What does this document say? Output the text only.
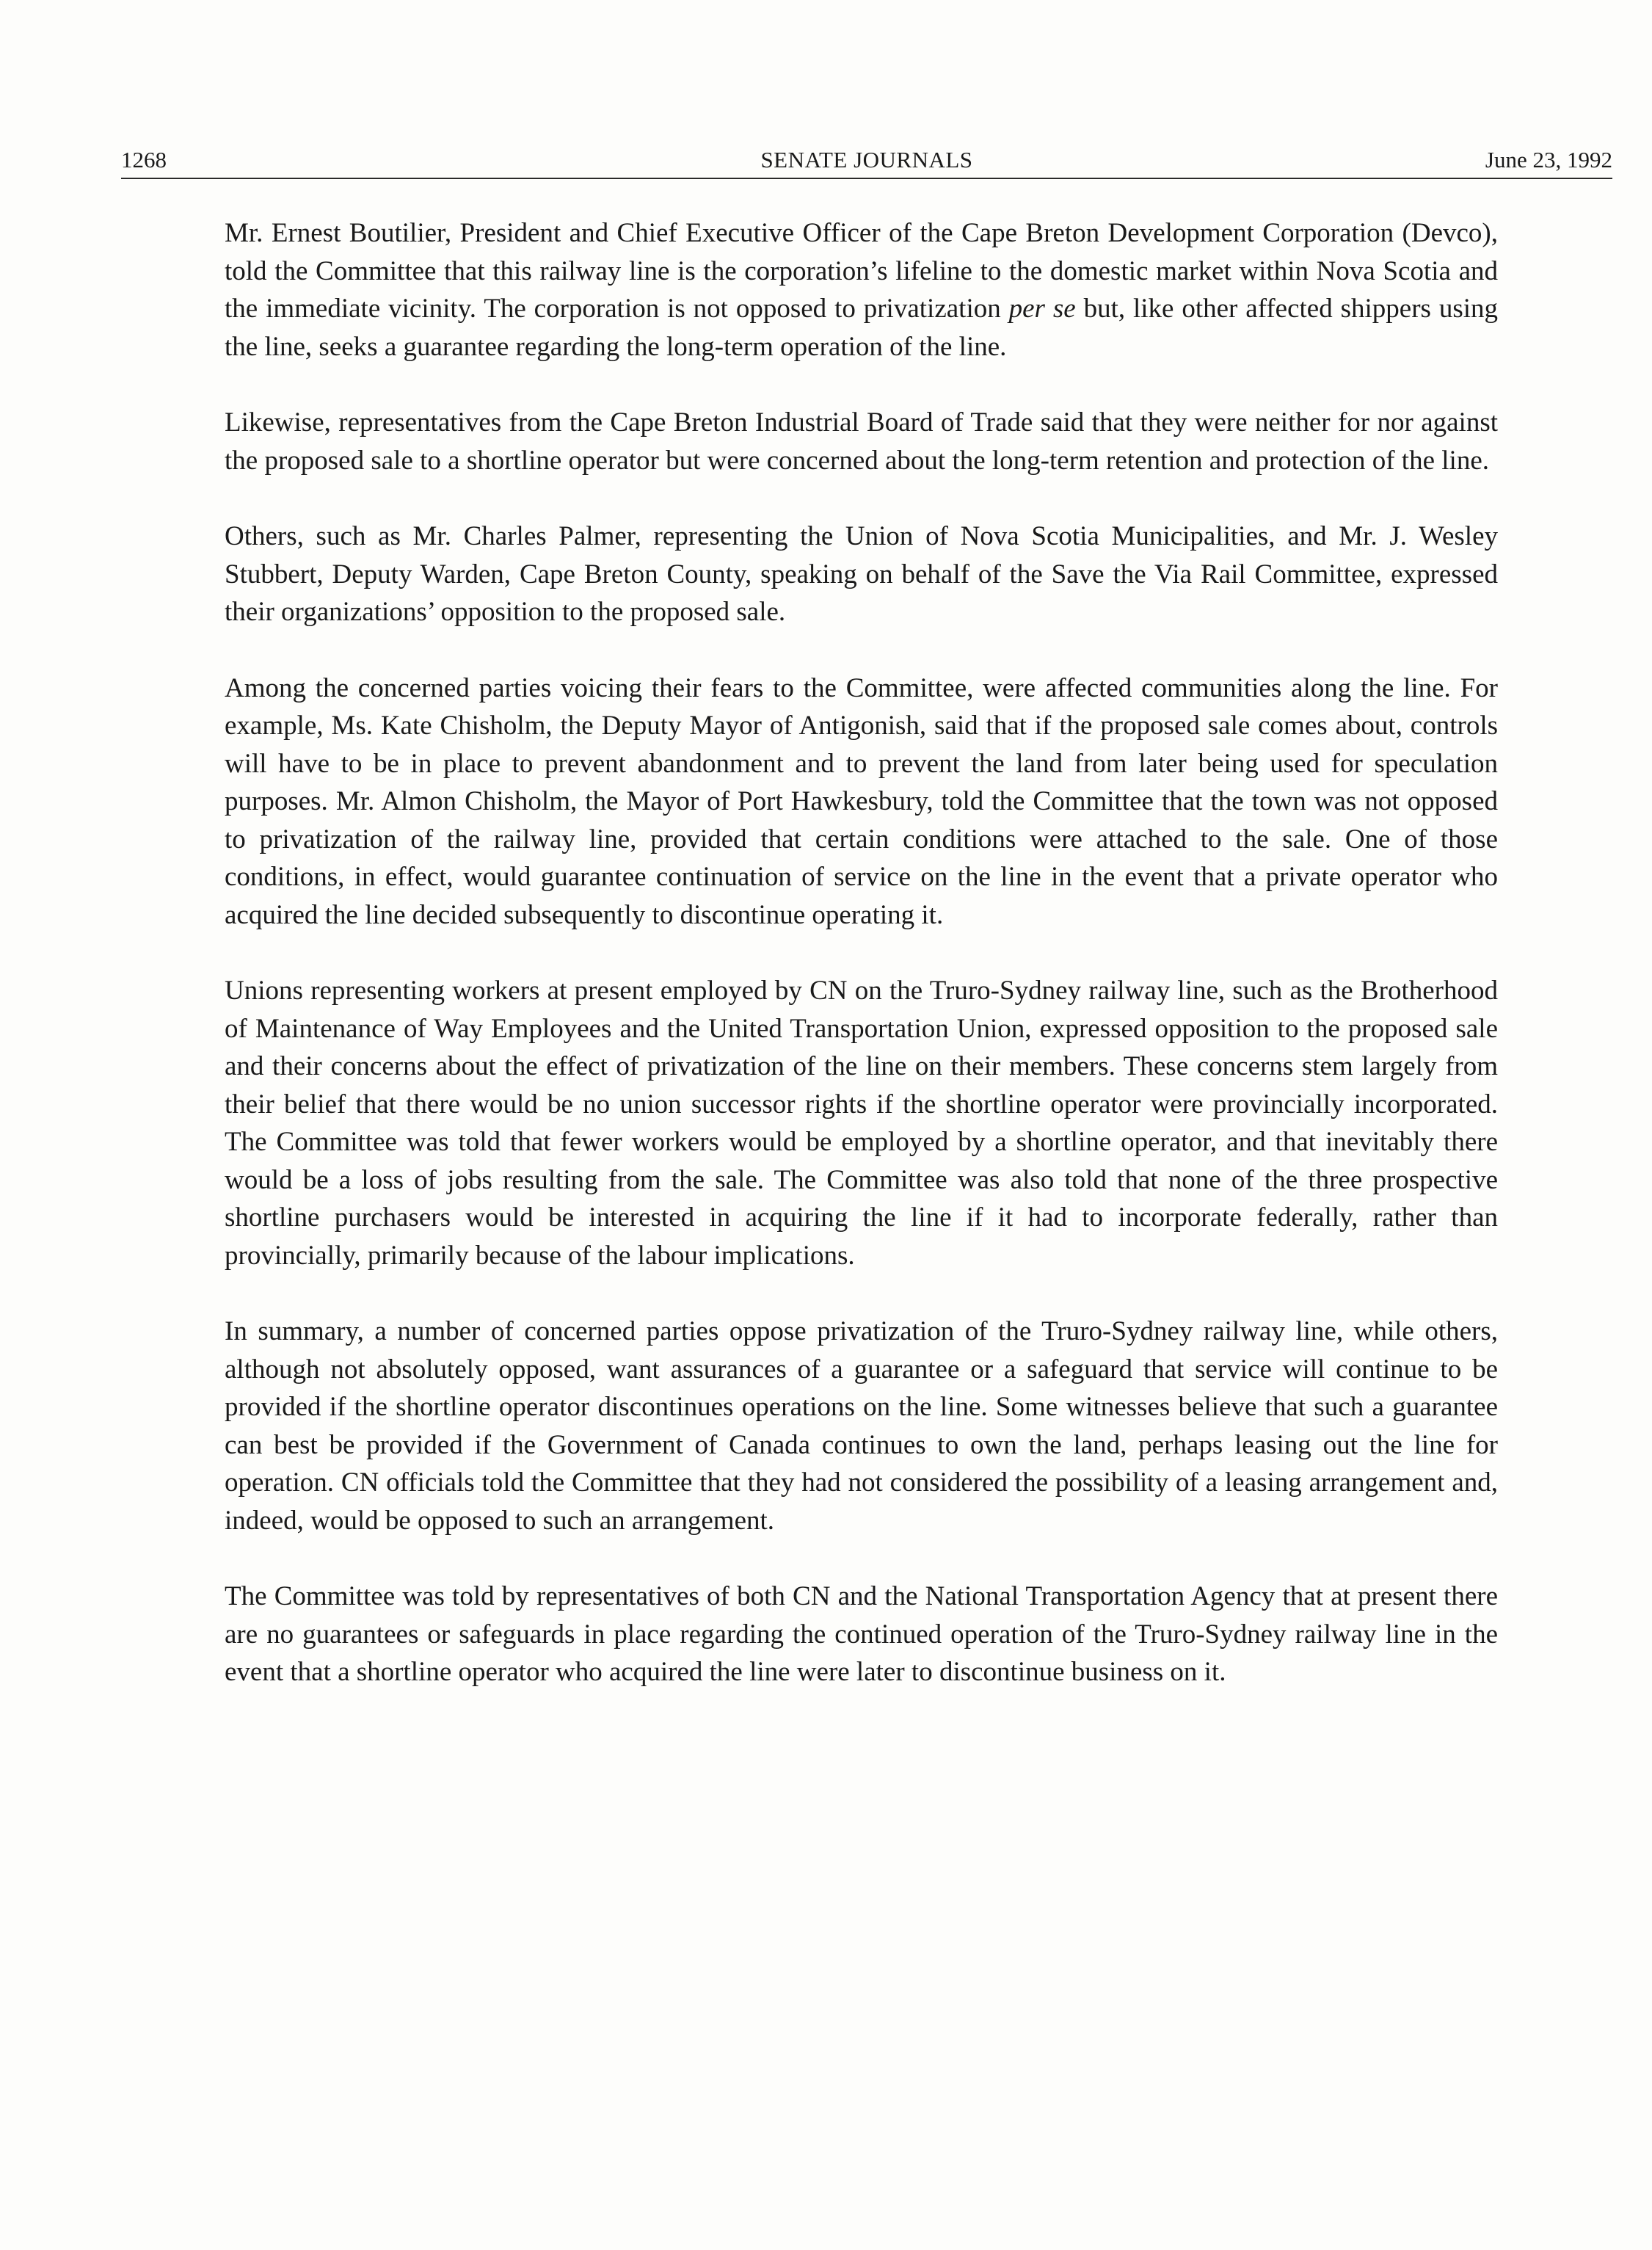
1268	SENATE JOURNALS	June 23, 1992

Mr. Ernest Boutilier, President and Chief Executive Officer of the Cape Breton Development Corporation (Devco), told the Committee that this railway line is the corporation’s lifeline to the domestic market within Nova Scotia and the immediate vicinity. The corporation is not opposed to privatization per se but, like other affected shippers using the line, seeks a guarantee regarding the long-term operation of the line.

Likewise, representatives from the Cape Breton Industrial Board of Trade said that they were neither for nor against the proposed sale to a shortline operator but were concerned about the long-term retention and protection of the line.

Others, such as Mr. Charles Palmer, representing the Union of Nova Scotia Municipalities, and Mr. J. Wesley Stubbert, Deputy Warden, Cape Breton County, speaking on behalf of the Save the Via Rail Committee, expressed their organizations’ opposition to the proposed sale.

Among the concerned parties voicing their fears to the Committee, were affected communities along the line. For example, Ms. Kate Chisholm, the Deputy Mayor of Antigonish, said that if the proposed sale comes about, controls will have to be in place to prevent abandonment and to prevent the land from later being used for speculation purposes. Mr. Almon Chisholm, the Mayor of Port Hawkesbury, told the Committee that the town was not opposed to privatization of the railway line, provided that certain conditions were attached to the sale. One of those conditions, in effect, would guarantee continuation of service on the line in the event that a private operator who acquired the line decided subsequently to discontinue operating it.

Unions representing workers at present employed by CN on the Truro-Sydney railway line, such as the Brotherhood of Maintenance of Way Employees and the United Transportation Union, expressed opposition to the proposed sale and their concerns about the effect of privatization of the line on their members. These concerns stem largely from their belief that there would be no union successor rights if the shortline operator were provincially incorporated. The Committee was told that fewer workers would be employed by a shortline operator, and that inevitably there would be a loss of jobs resulting from the sale. The Committee was also told that none of the three prospective shortline purchasers would be interested in acquiring the line if it had to incorporate federally, rather than provincially, primarily because of the labour implications.

In summary, a number of concerned parties oppose privatization of the Truro-Sydney railway line, while others, although not absolutely opposed, want assurances of a guarantee or a safeguard that service will continue to be provided if the shortline operator discontinues operations on the line. Some witnesses believe that such a guarantee can best be provided if the Government of Canada continues to own the land, perhaps leasing out the line for operation. CN officials told the Committee that they had not considered the possibility of a leasing arrangement and, indeed, would be opposed to such an arrangement.

The Committee was told by representatives of both CN and the National Transportation Agency that at present there are no guarantees or safeguards in place regarding the continued operation of the Truro-Sydney railway line in the event that a shortline operator who acquired the line were later to discontinue business on it.
